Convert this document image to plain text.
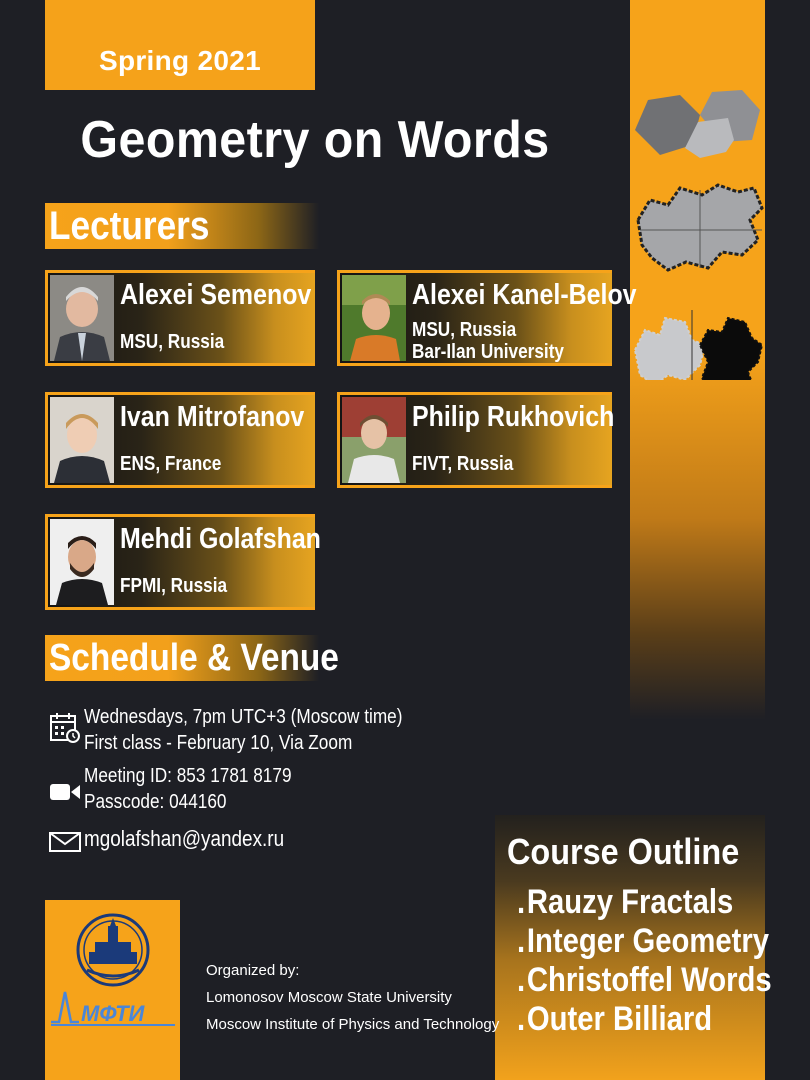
Spring 2021
Geometry on Words
Lecturers
Alexei Semenov
MSU, Russia
Alexei Kanel-Belov
MSU, Russia
Bar-Ilan University
Ivan Mitrofanov
ENS, France
Philip Rukhovich
FIVT, Russia
Mehdi Golafshan
FPMI, Russia
Schedule & Venue
Wednesdays, 7pm UTC+3 (Moscow time)
First class - February 10, Via Zoom
Meeting ID: 853 1781 8179
Passcode: 044160
mgolafshan@yandex.ru	Course Outline
.Rauzy Fractals
.Integer Geometry
.Christoffel Words
.Outer Billiard
МФТИ
Organized by:
Lomonosov Moscow State University
Moscow Institute of Physics and Technology
